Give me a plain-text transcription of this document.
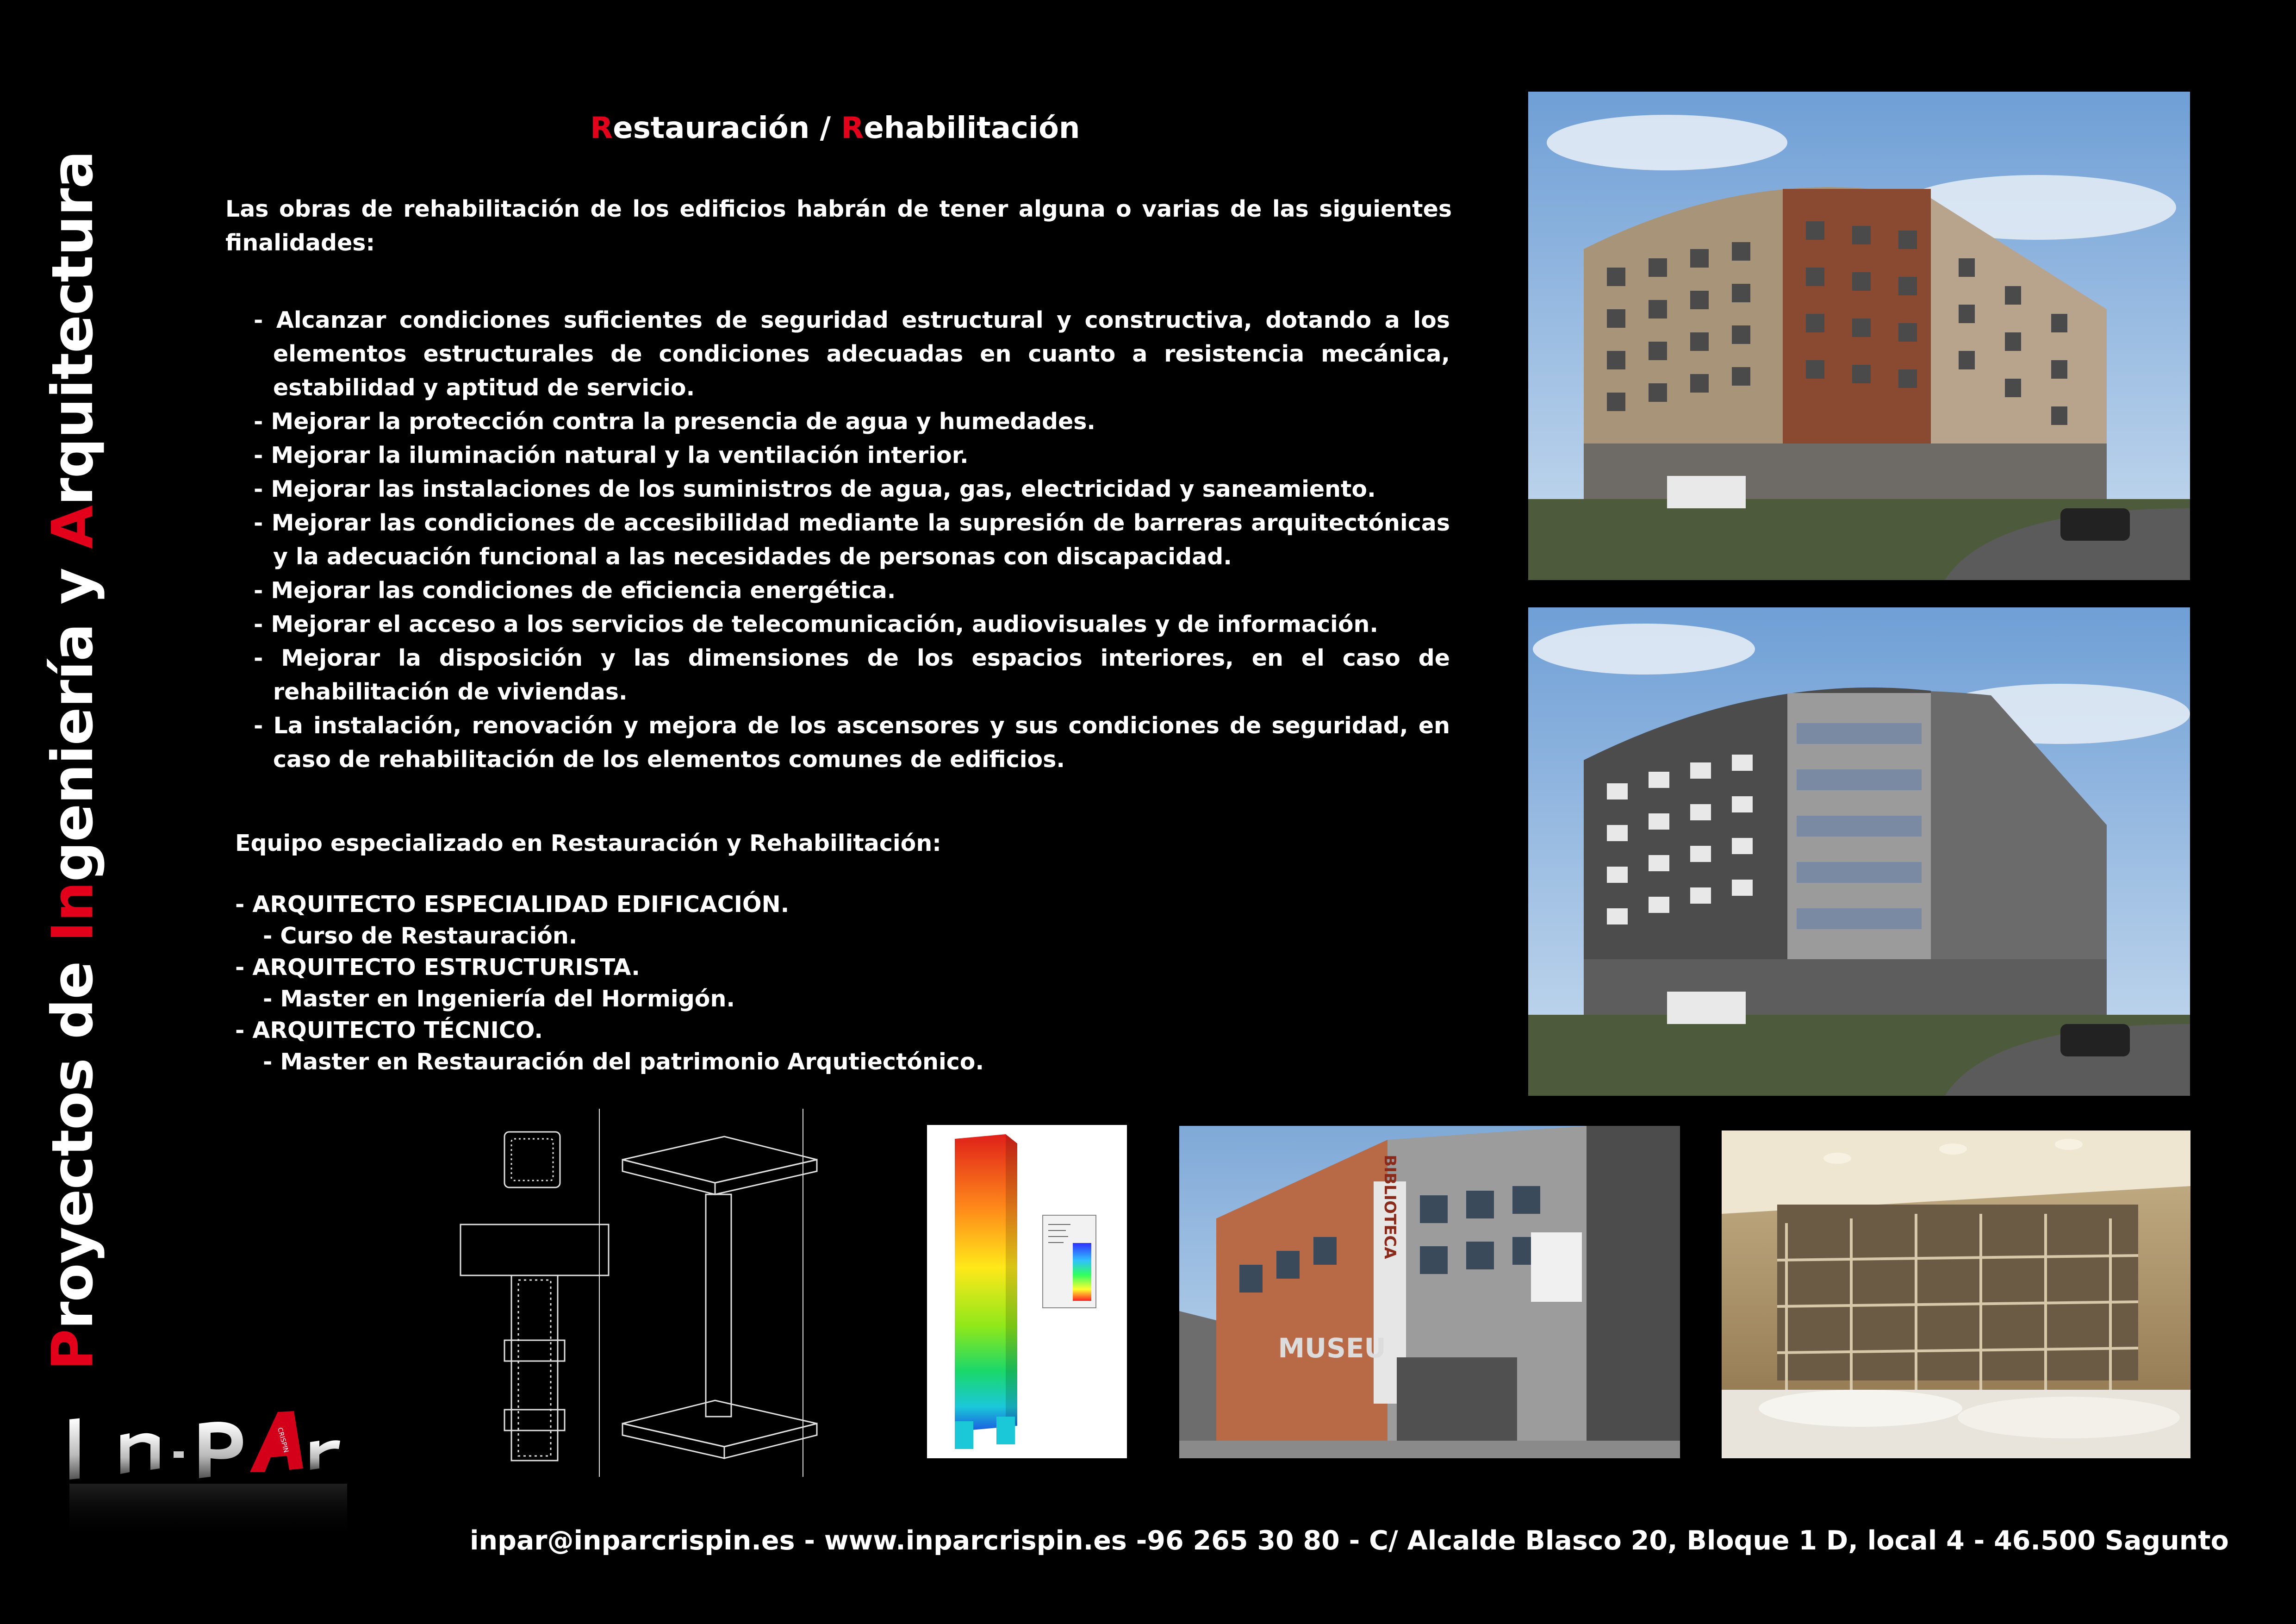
Proyectos de Ingeniería y Arquitectura
CRISPIN
Restauración / Rehabilitación
Las obras de rehabilitación de los edificios habrán de tener alguna o varias de las siguientes finalidades:
- Alcanzar condiciones suficientes de seguridad estructural y constructiva, dotando a los elementos estructurales de condiciones adecuadas en cuanto a resistencia mecánica, estabilidad y aptitud de servicio.
- Mejorar la protección contra la presencia de agua y humedades.
- Mejorar la iluminación natural y la ventilación interior.
- Mejorar las instalaciones de los suministros de agua, gas, electricidad y saneamiento.
- Mejorar las condiciones de accesibilidad mediante la supresión de barreras arquitectónicas y la adecuación funcional a las necesidades de personas con discapacidad.
- Mejorar las condiciones de eficiencia energética.
- Mejorar el acceso a los servicios de telecomunicación, audiovisuales y de información.
- Mejorar la disposición y las dimensiones de los espacios interiores, en el caso de rehabilitación de viviendas.
- La instalación, renovación y mejora de los ascensores y sus condiciones de seguridad, en caso de rehabilitación de los elementos comunes de edificios.
Equipo especializado en Restauración y Rehabilitación:
- ARQUITECTO ESPECIALIDAD EDIFICACIÓN.
- Curso de Restauración.
- ARQUITECTO ESTRUCTURISTA.
- Master en Ingeniería del Hormigón.
- ARQUITECTO TÉCNICO.
- Master en Restauración del patrimonio Arqutiectónico.
BIBLIOTECA
MUSEU
inpar@inparcrispin.es - www.inparcrispin.es -96 265 30 80 - C/ Alcalde Blasco 20, Bloque 1 D, local 4 - 46.500 Sagunto
